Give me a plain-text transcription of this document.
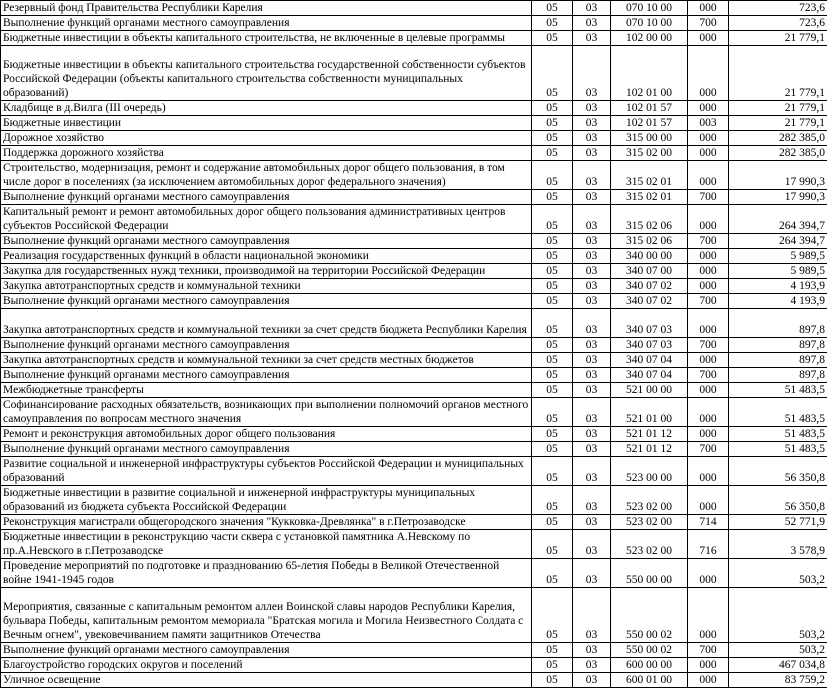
Резервный фонд Правительства Республики Карелия	05	03	070 10 00	000	723,6
Выполнение функций органами местного самоуправления	05	03	070 10 00	700	723,6
Бюджетные инвестиции в объекты капитального строительства, не включенные в целевые программы	05	03	102 00 00	000	21 779,1
Бюджетные инвестиции в объекты капитального строительства государственной собственности субъектов Российской Федерации (объекты капитального строительства собственности муниципальных образований)	05	03	102 01 00	000	21 779,1
Кладбище в д.Вилга (III очередь)	05	03	102 01 57	000	21 779,1
Бюджетные инвестиции	05	03	102 01 57	003	21 779,1
Дорожное хозяйство	05	03	315 00 00	000	282 385,0
Поддержка дорожного хозяйства	05	03	315 02 00	000	282 385,0
Строительство, модернизация, ремонт и содержание автомобильных дорог общего пользования, в том числе дорог в поселениях (за исключением автомобильных дорог федерального значения)	05	03	315 02 01	000	17 990,3
Выполнение функций органами местного самоуправления	05	03	315 02 01	700	17 990,3
Капитальный ремонт и ремонт автомобильных дорог общего пользования административных центров субъектов Российской Федерации	05	03	315 02 06	000	264 394,7
Выполнение функций органами местного самоуправления	05	03	315 02 06	700	264 394,7
Реализация государственных функций в области национальной экономики	05	03	340 00 00	000	5 989,5
Закупка для государственных нужд техники, производимой на территории Российской Федерации	05	03	340 07 00	000	5 989,5
Закупка автотранспортных средств и коммунальной техники	05	03	340 07 02	000	4 193,9
Выполнение функций органами местного самоуправления	05	03	340 07 02	700	4 193,9
Закупка автотранспортных средств и коммунальной техники за счет средств бюджета Республики Карелия	05	03	340 07 03	000	897,8
Выполнение функций органами местного самоуправления	05	03	340 07 03	700	897,8
Закупка автотранспортных средств и коммунальной техники за счет средств местных бюджетов	05	03	340 07 04	000	897,8
Выполнение функций органами местного самоуправления	05	03	340 07 04	700	897,8
Межбюджетные трансферты	05	03	521 00 00	000	51 483,5
Софинансирование расходных обязательств, возникающих при выполнении полномочий органов местного самоуправления по вопросам местного значения	05	03	521 01 00	000	51 483,5
Ремонт и реконструкция автомобильных дорог общего пользования	05	03	521 01 12	000	51 483,5
Выполнение функций органами местного самоуправления	05	03	521 01 12	700	51 483,5
Развитие социальной и инженерной инфраструктуры субъектов Российской Федерации и муниципальных образований	05	03	523 00 00	000	56 350,8
Бюджетные инвестиции в развитие социальной и инженерной инфраструктуры муниципальных образований из бюджета субъекта Российской Федерации	05	03	523 02 00	000	56 350,8
Реконструкция магистрали общегородского значения "Кукковка-Древлянка" в г.Петрозаводске	05	03	523 02 00	714	52 771,9
Бюджетные инвестиции в реконструкцию части сквера с установкой памятника А.Невскому по пр.А.Невского в г.Петрозаводске	05	03	523 02 00	716	3 578,9
Проведение мероприятий по подготовке и празднованию 65-летия Победы в Великой Отечественной войне 1941-1945 годов	05	03	550 00 00	000	503,2
Мероприятия, связанные с капитальным ремонтом аллеи Воинской славы народов Республики Карелия, бульвара Победы, капитальным ремонтом мемориала "Братская могила и Могила Неизвестного Солдата с Вечным огнем", увековечиванием памяти защитников Отечества	05	03	550 00 02	000	503,2
Выполнение функций органами местного самоуправления	05	03	550 00 02	700	503,2
Благоустройство городских округов и поселений	05	03	600 00 00	000	467 034,8
Уличное освещение	05	03	600 01 00	000	83 759,2
